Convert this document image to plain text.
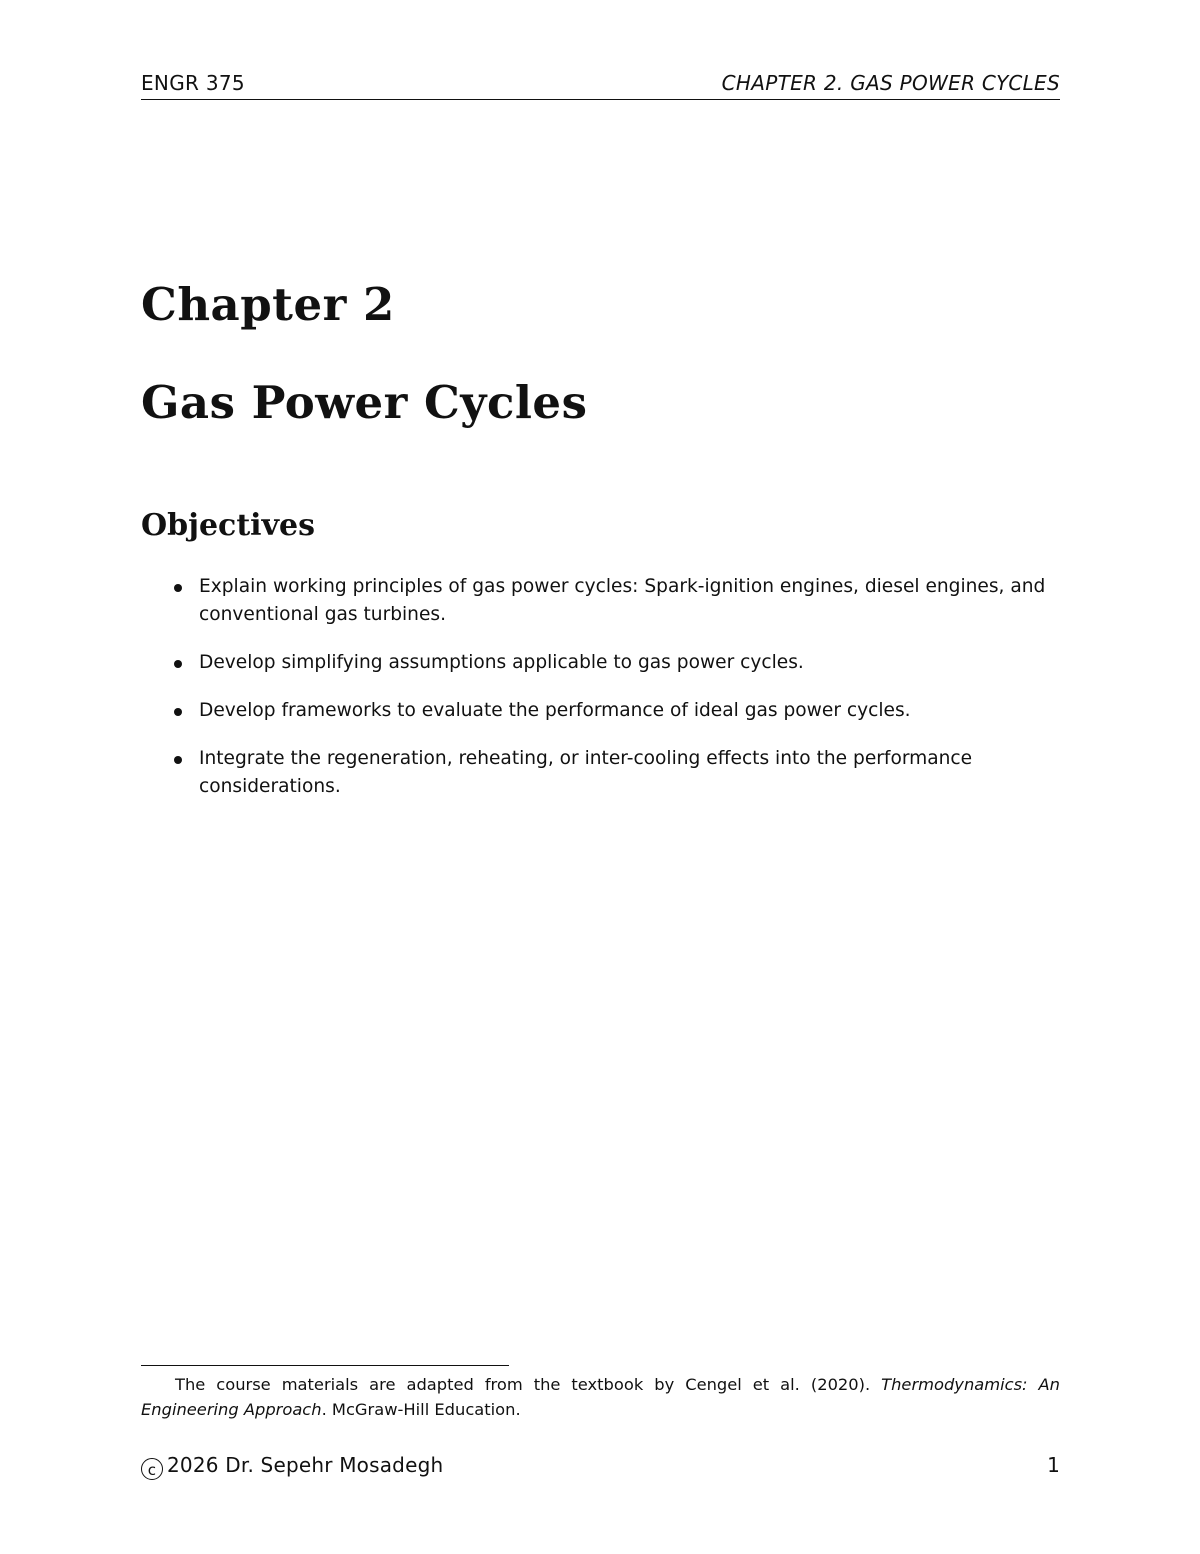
ENGR 375	CHAPTER 2. GAS POWER CYCLES
Chapter 2
Gas Power Cycles
Objectives
Explain working principles of gas power cycles: Spark-ignition engines, diesel engines, and conventional gas turbines.
Develop simplifying assumptions applicable to gas power cycles.
Develop frameworks to evaluate the performance of ideal gas power cycles.
Integrate the regeneration, reheating, or inter-cooling effects into the performance considerations.
The course materials are adapted from the textbook by Cengel et al. (2020). Thermodynamics: An Engineering Approach. McGraw-Hill Education.
c 2026 Dr. Sepehr Mosadegh	1
